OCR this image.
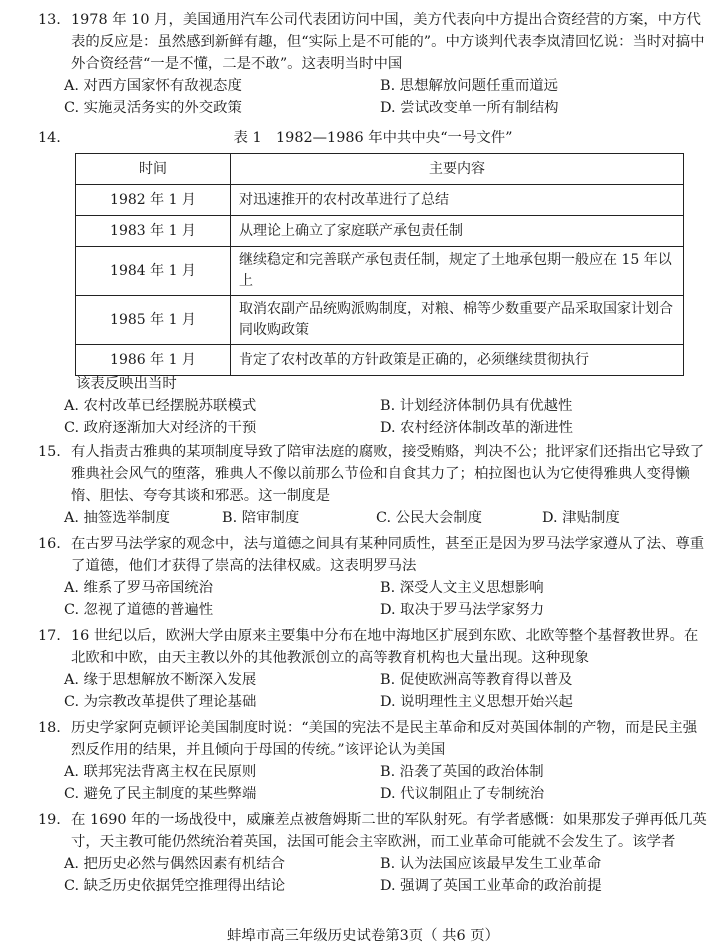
13. 1978 年 10 月，美国通用汽车公司代表团访问中国，美方代表向中方提出合资经营的方案，中方代表的反应是：虽然感到新鲜有趣，但“实际上是不可能的”。中方谈判代表李岚清回忆说：当时对搞中外合资经营“一是不懂，二是不敢”。这表明当时中国
A. 对西方国家怀有敌视态度	B. 思想解放问题任重而道远
C. 实施灵活务实的外交政策	D. 尝试改变单一所有制结构
14.	表 1　1982—1986 年中共中央“一号文件”
时间	主要内容
1982 年 1 月	对迅速推开的农村改革进行了总结
1983 年 1 月	从理论上确立了家庭联产承包责任制
1984 年 1 月	继续稳定和完善联产承包责任制，规定了土地承包期一般应在 15 年以上
1985 年 1 月	取消农副产品统购派购制度，对粮、棉等少数重要产品采取国家计划合同收购政策
1986 年 1 月	肯定了农村改革的方针政策是正确的，必须继续贯彻执行
该表反映出当时
A. 农村改革已经摆脱苏联模式	B. 计划经济体制仍具有优越性
C. 政府逐渐加大对经济的干预	D. 农村经济体制改革的渐进性
15. 有人指责古雅典的某项制度导致了陪审法庭的腐败，接受贿赂，判决不公；批评家们还指出它导致了雅典社会风气的堕落，雅典人不像以前那么节俭和自食其力了；柏拉图也认为它使得雅典人变得懒惰、胆怯、夸夸其谈和邪恶。这一制度是
A. 抽签选举制度	B. 陪审制度	C. 公民大会制度	D. 津贴制度
16. 在古罗马法学家的观念中，法与道德之间具有某种同质性，甚至正是因为罗马法学家遵从了法、尊重了道德，他们才获得了崇高的法律权威。这表明罗马法
A. 维系了罗马帝国统治	B. 深受人文主义思想影响
C. 忽视了道德的普遍性	D. 取决于罗马法学家努力
17. 16 世纪以后，欧洲大学由原来主要集中分布在地中海地区扩展到东欧、北欧等整个基督教世界。在北欧和中欧，由天主教以外的其他教派创立的高等教育机构也大量出现。这种现象
A. 缘于思想解放不断深入发展	B. 促使欧洲高等教育得以普及
C. 为宗教改革提供了理论基础	D. 说明理性主义思想开始兴起
18. 历史学家阿克顿评论美国制度时说：“美国的宪法不是民主革命和反对英国体制的产物，而是民主强烈反作用的结果，并且倾向于母国的传统。”该评论认为美国
A. 联邦宪法背离主权在民原则	B. 沿袭了英国的政治体制
C. 避免了民主制度的某些弊端	D. 代议制阻止了专制统治
19. 在 1690 年的一场战役中，威廉差点被詹姆斯二世的军队射死。有学者感慨：如果那发子弹再低几英寸，天主教可能仍然统治着英国，法国可能会主宰欧洲，而工业革命可能就不会发生了。该学者
A. 把历史必然与偶然因素有机结合	B. 认为法国应该最早发生工业革命
C. 缺乏历史依据凭空推理得出结论	D. 强调了英国工业革命的政治前提
蚌埠市高三年级历史试卷第3页（ 共6 页）
